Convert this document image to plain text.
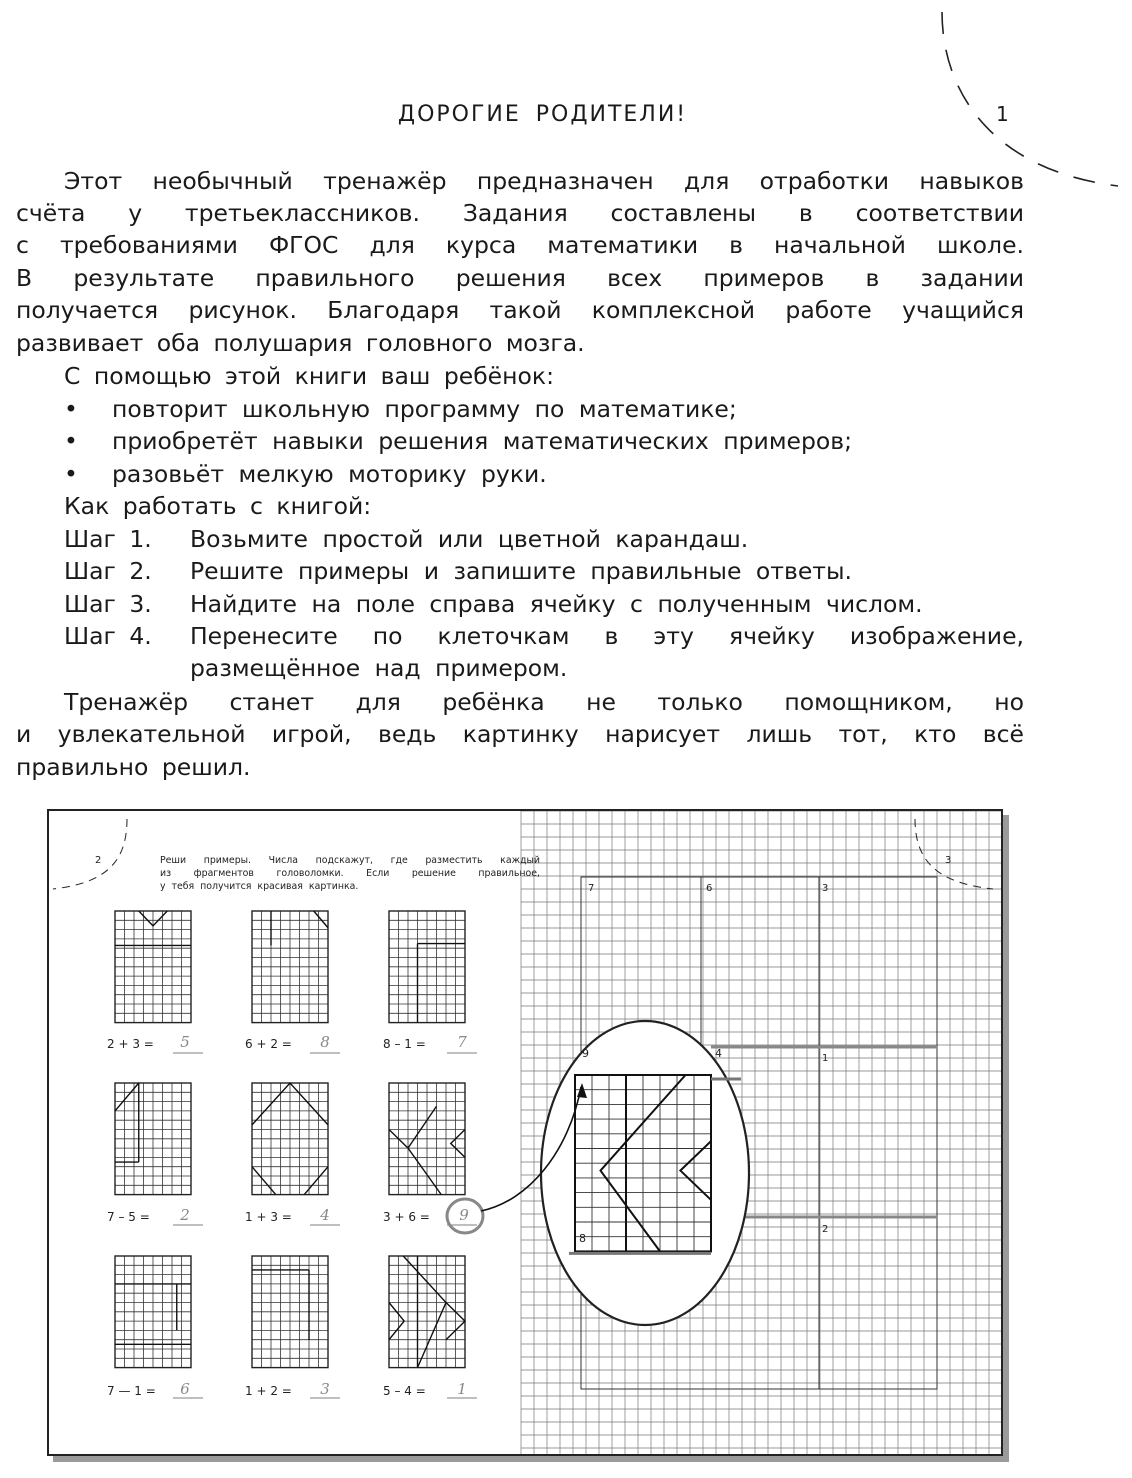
ДОРОГИЕ РОДИТЕЛИ!	1
Этот необычный тренажёр предназначен для отработки навыков
счёта у третьеклассников. Задания составлены в соответствии
с требованиями ФГОС для курса математики в начальной школе.
В результате правильного решения всех примеров в задании
получается рисунок. Благодаря такой комплексной работе учащийся
развивает оба полушария головного мозга.
С помощью этой книги ваш ребёнок:
• повторит школьную программу по математике;
• приобретёт навыки решения математических примеров;
• разовьёт мелкую моторику руки.
Как работать с книгой:
Шаг 1. Возьмите простой или цветной карандаш.
Шаг 2. Решите примеры и запишите правильные ответы.
Шаг 3. Найдите на поле справа ячейку с полученным числом.
Шаг 4. Перенесите по клеточкам в эту ячейку изображение,
размещённое над примером.
Тренажёр станет для ребёнка не только помощником, но
и увлекательной игрой, ведь картинку нарисует лишь тот, кто всё
правильно решил.
2	3
Реши примеры. Числа подскажут, где разместить каждый
из фрагментов головоломки. Если решение правильное,
у тебя получится красивая картинка.
2 + 3 =	5	6 + 2 =	8	8 – 1 =	7
7 – 5 =	2	1 + 3 =	4	3 + 6 =	9
7 — 1 =	6	1 + 2 =	3	5 – 4 =	1
7	6	3
9	4	1
8
2
